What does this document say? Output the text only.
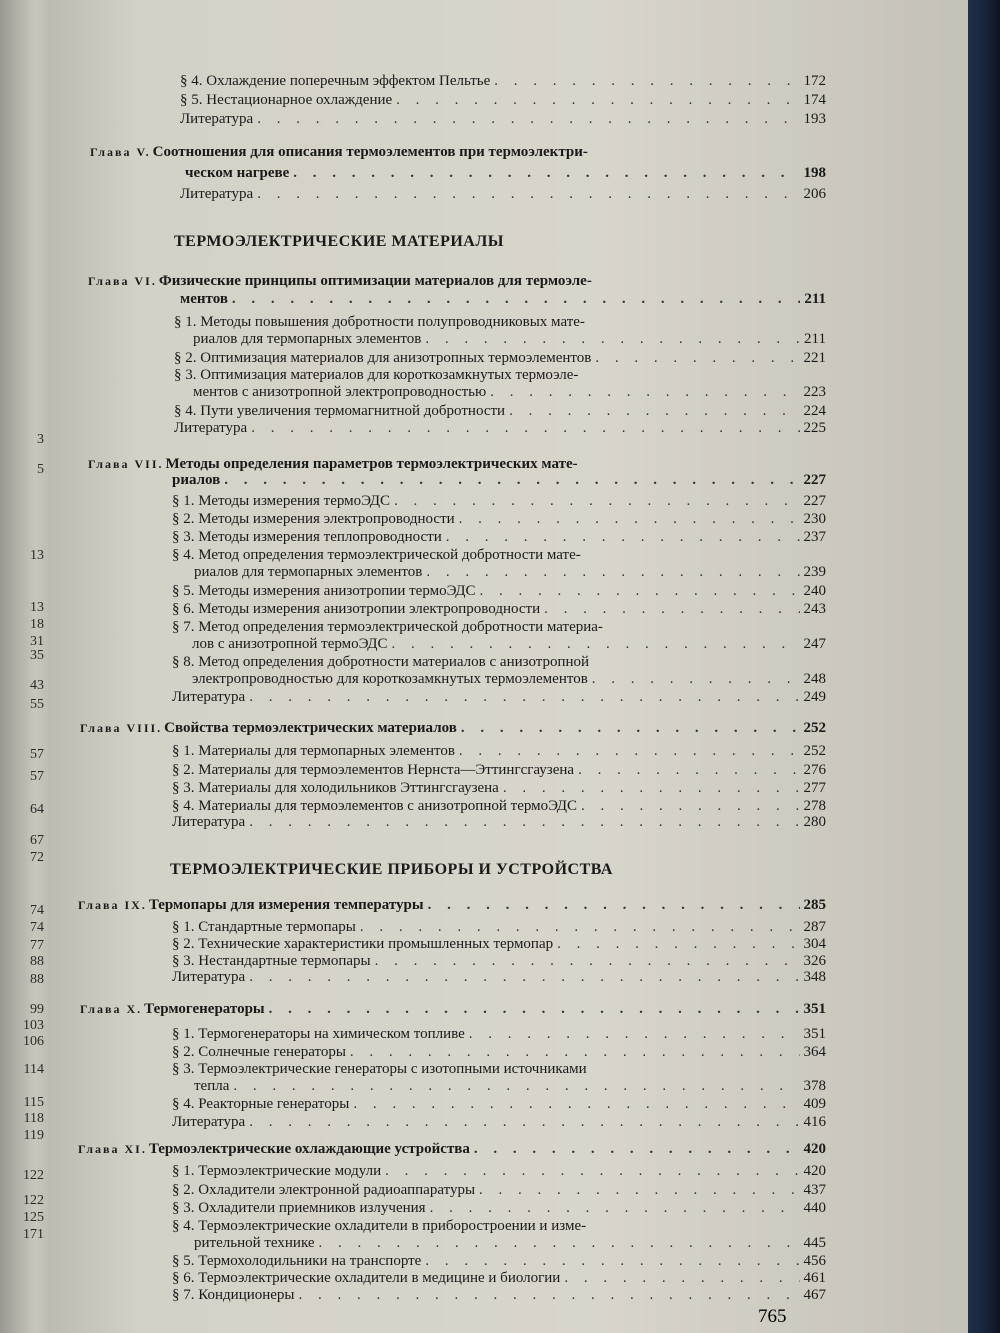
3
5
13
13
18
31
35
43
55
57
57
64
67
72
74
74
77
88
88
99
103
106
114
115
118
119
122
122
125
171
§ 4. Охлаждение поперечным эффектом Пельтье . . .	172
§ 5. Нестационарное охлаждение . . .	174
Литература . . .	193
Глава V. Соотношения для описания термоэлементов при термоэлектри-
ческом нагреве . . .	198
Литература . . .	206
ТЕРМОЭЛЕКТРИЧЕСКИЕ МАТЕРИАЛЫ
Глава VI. Физические принципы оптимизации материалов для термоэле-
ментов . . .	211
§ 1. Методы повышения добротности полупроводниковых мате-
риалов для термопарных элементов . . .	211
§ 2. Оптимизация материалов для анизотропных термоэлементов . . .	221
§ 3. Оптимизация материалов для короткозамкнутых термоэле-
ментов с анизотропной электропроводностью . . .	223
§ 4. Пути увеличения термомагнитной добротности . . .	224
Литература . . .	225
Глава VII. Методы определения параметров термоэлектрических мате-
риалов . . .	227
§ 1. Методы измерения термоЭДС . . .	227
§ 2. Методы измерения электропроводности . . .	230
§ 3. Методы измерения теплопроводности . . .	237
§ 4. Метод определения термоэлектрической добротности мате-
риалов для термопарных элементов . . .	239
§ 5. Методы измерения анизотропии термоЭДС . . .	240
§ 6. Методы измерения анизотропии электропроводности . . .	243
§ 7. Метод определения термоэлектрической добротности материа-
лов с анизотропной термоЭДС . . .	247
§ 8. Метод определения добротности материалов с анизотропной
электропроводностью для короткозамкнутых термоэлементов . . .	248
Литература . . .	249
Глава VIII. Свойства термоэлектрических материалов . . .	252
§ 1. Материалы для термопарных элементов . . .	252
§ 2. Материалы для термоэлементов Нернста—Эттингсгаузена . . .	276
§ 3. Материалы для холодильников Эттингсгаузена . . .	277
§ 4. Материалы для термоэлементов с анизотропной термоЭДС . . .	278
Литература . . .	280
ТЕРМОЭЛЕКТРИЧЕСКИЕ ПРИБОРЫ И УСТРОЙСТВА
Глава IX. Термопары для измерения температуры . . .	285
§ 1. Стандартные термопары . . .	287
§ 2. Технические характеристики промышленных термопар . . .	304
§ 3. Нестандартные термопары . . .	326
Литература . . .	348
Глава X. Термогенераторы . . .	351
§ 1. Термогенераторы на химическом топливе . . .	351
§ 2. Солнечные генераторы . . .	364
§ 3. Термоэлектрические генераторы с изотопными источниками
тепла . . .	378
§ 4. Реакторные генераторы . . .	409
Литература . . .	416
Глава XI. Термоэлектрические охлаждающие устройства . . .	420
§ 1. Термоэлектрические модули . . .	420
§ 2. Охладители электронной радиоаппаратуры . . .	437
§ 3. Охладители приемников излучения . . .	440
§ 4. Термоэлектрические охладители в приборостроении и изме-
рительной технике . . .	445
§ 5. Термохолодильники на транспорте . . .	456
§ 6. Термоэлектрические охладители в медицине и биологии . . .	461
§ 7. Кондиционеры . . .	467
765
